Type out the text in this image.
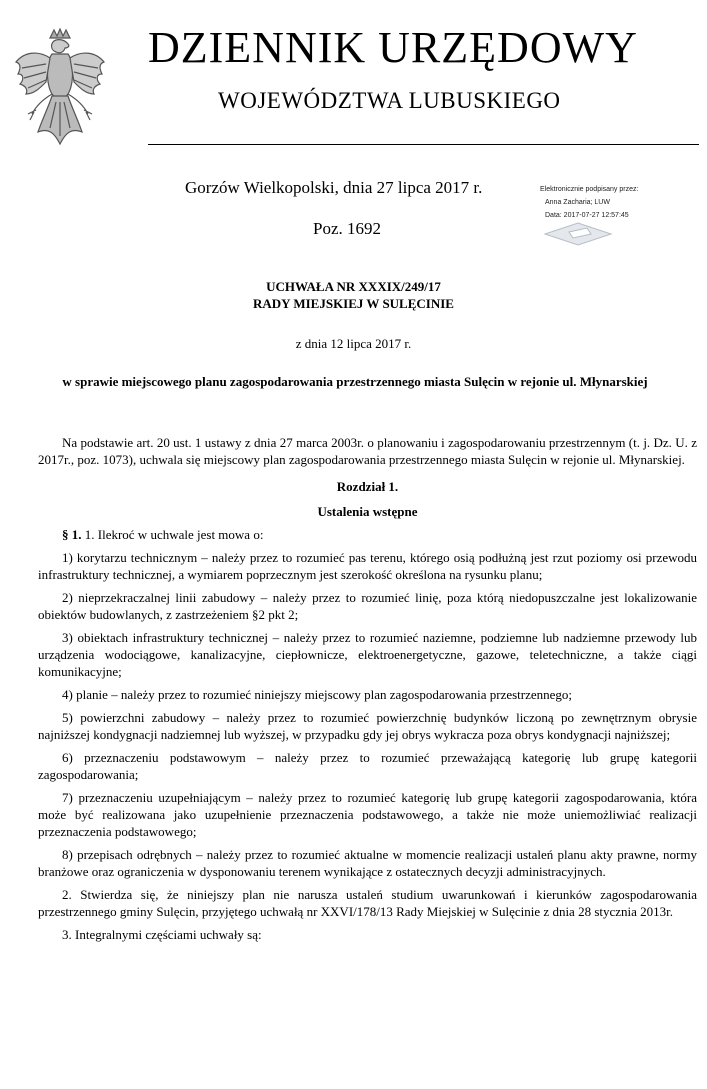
DZIENNIK URZĘDOWY
WOJEWÓDZTWA LUBUSKIEGO
Gorzów Wielkopolski, dnia 27 lipca 2017 r.
Poz. 1692
Elektronicznie podpisany przez:
Anna Zacharia; LUW
Data: 2017-07-27 12:57:45
UCHWAŁA NR XXXIX/249/17
RADY MIEJSKIEJ W SULĘCINIE
z dnia 12 lipca 2017 r.
w sprawie miejscowego planu zagospodarowania przestrzennego miasta Sulęcin w rejonie ul. Młynarskiej

Na podstawie art. 20 ust. 1 ustawy z dnia 27 marca 2003r. o planowaniu i zagospodarowaniu przestrzennym (t. j. Dz. U. z 2017r., poz. 1073), uchwala się miejscowy plan zagospodarowania przestrzennego miasta Sulęcin w rejonie ul. Młynarskiej.

Rozdział 1.

Ustalenia wstępne

§ 1. 1. Ilekroć w uchwale jest mowa o:

1) korytarzu technicznym – należy przez to rozumieć pas terenu, którego osią podłużną jest rzut poziomy osi przewodu infrastruktury technicznej, a wymiarem poprzecznym jest szerokość określona na rysunku planu;

2) nieprzekraczalnej linii zabudowy – należy przez to rozumieć linię, poza którą niedopuszczalne jest lokalizowanie obiektów budowlanych, z zastrzeżeniem §2 pkt 2;

3) obiektach infrastruktury technicznej – należy przez to rozumieć naziemne, podziemne lub nadziemne przewody lub urządzenia wodociągowe, kanalizacyjne, ciepłownicze, elektroenergetyczne, gazowe, teletechniczne, a także ciągi komunikacyjne;

4) planie – należy przez to rozumieć niniejszy miejscowy plan zagospodarowania przestrzennego;

5) powierzchni zabudowy – należy przez to rozumieć powierzchnię budynków liczoną po zewnętrznym obrysie najniższej kondygnacji nadziemnej lub wyższej, w przypadku gdy jej obrys wykracza poza obrys kondygnacji najniższej;

6) przeznaczeniu podstawowym – należy przez to rozumieć przeważającą kategorię lub grupę kategorii zagospodarowania;

7) przeznaczeniu uzupełniającym – należy przez to rozumieć kategorię lub grupę kategorii zagospodarowania, która może być realizowana jako uzupełnienie przeznaczenia podstawowego, a także nie może uniemożliwiać realizacji przeznaczenia podstawowego;

8) przepisach odrębnych – należy przez to rozumieć aktualne w momencie realizacji ustaleń planu akty prawne, normy branżowe oraz ograniczenia w dysponowaniu terenem wynikające z ostatecznych decyzji administracyjnych.

2. Stwierdza się, że niniejszy plan nie narusza ustaleń studium uwarunkowań i kierunków zagospodarowania przestrzennego gminy Sulęcin, przyjętego uchwałą nr XXVI/178/13 Rady Miejskiej w Sulęcinie z dnia 28 stycznia 2013r.

3. Integralnymi częściami uchwały są:
